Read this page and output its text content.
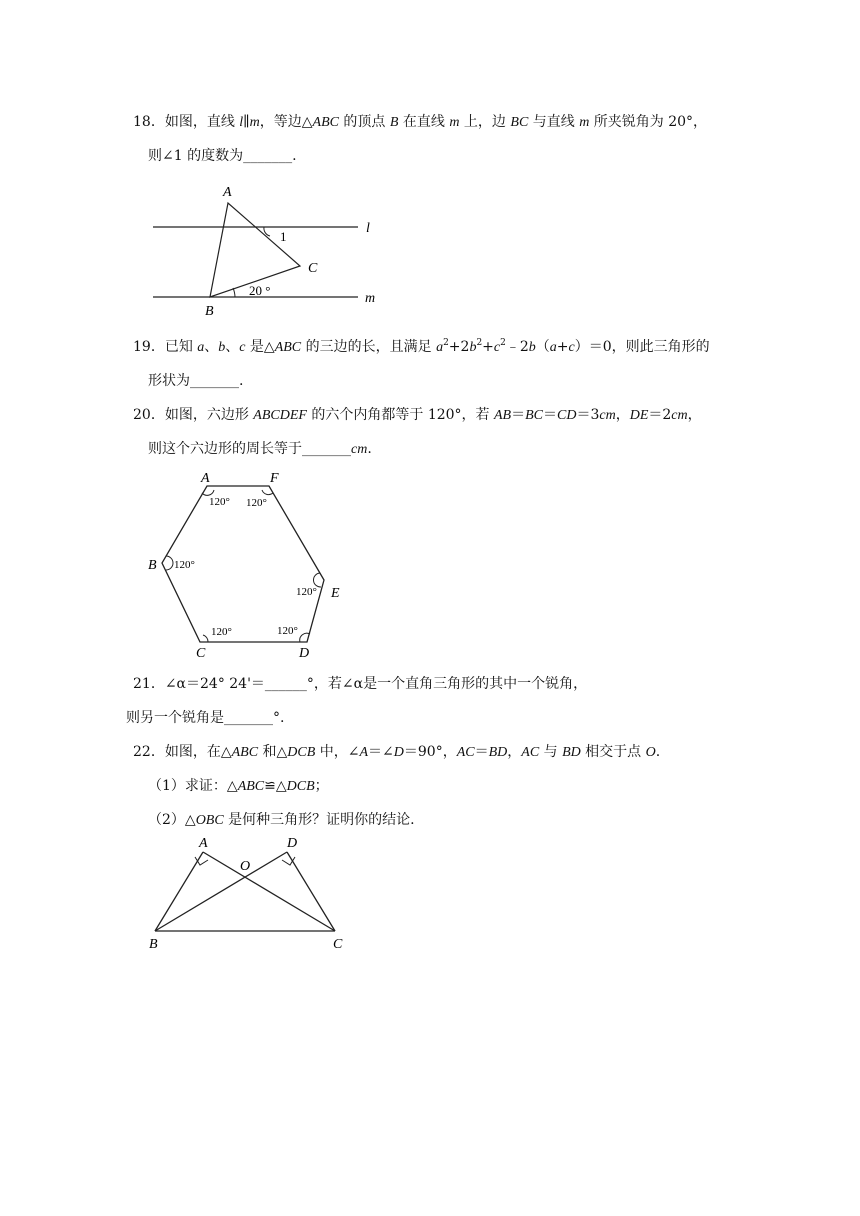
18．如图，直线 l∥m，等边△ABC 的顶点 B 在直线 m 上，边 BC 与直线 m 所夹锐角为 20°，
则∠1 的度数为_______.
A
B
C
l
m
1
20 °
19．已知 a、b、c 是△ABC 的三边的长，且满足 $a^2+2b^2+c^2﹣2b(a+c)=0$，则此三角形的
形状为_______.
20．如图，六边形 ABCDEF 的六个内角都等于 120°，若 AB＝BC＝CD＝3cm，DE＝2cm，
则这个六边形的周长等于_______cm.
A	F
B
E
C	D
120° 120°
120°
120°
120°	120°
21．∠α＝24° 24'＝______°，若∠α是一个直角三角形的其中一个锐角，
则另一个锐角是_______°.
22．如图，在△ABC 和△DCB 中，∠A＝∠D＝90°，AC＝BD，AC 与 BD 相交于点 O.
（1）求证：△ABC≌△DCB；
（2）△OBC 是何种三角形？证明你的结论.
A	D
O
B	C
